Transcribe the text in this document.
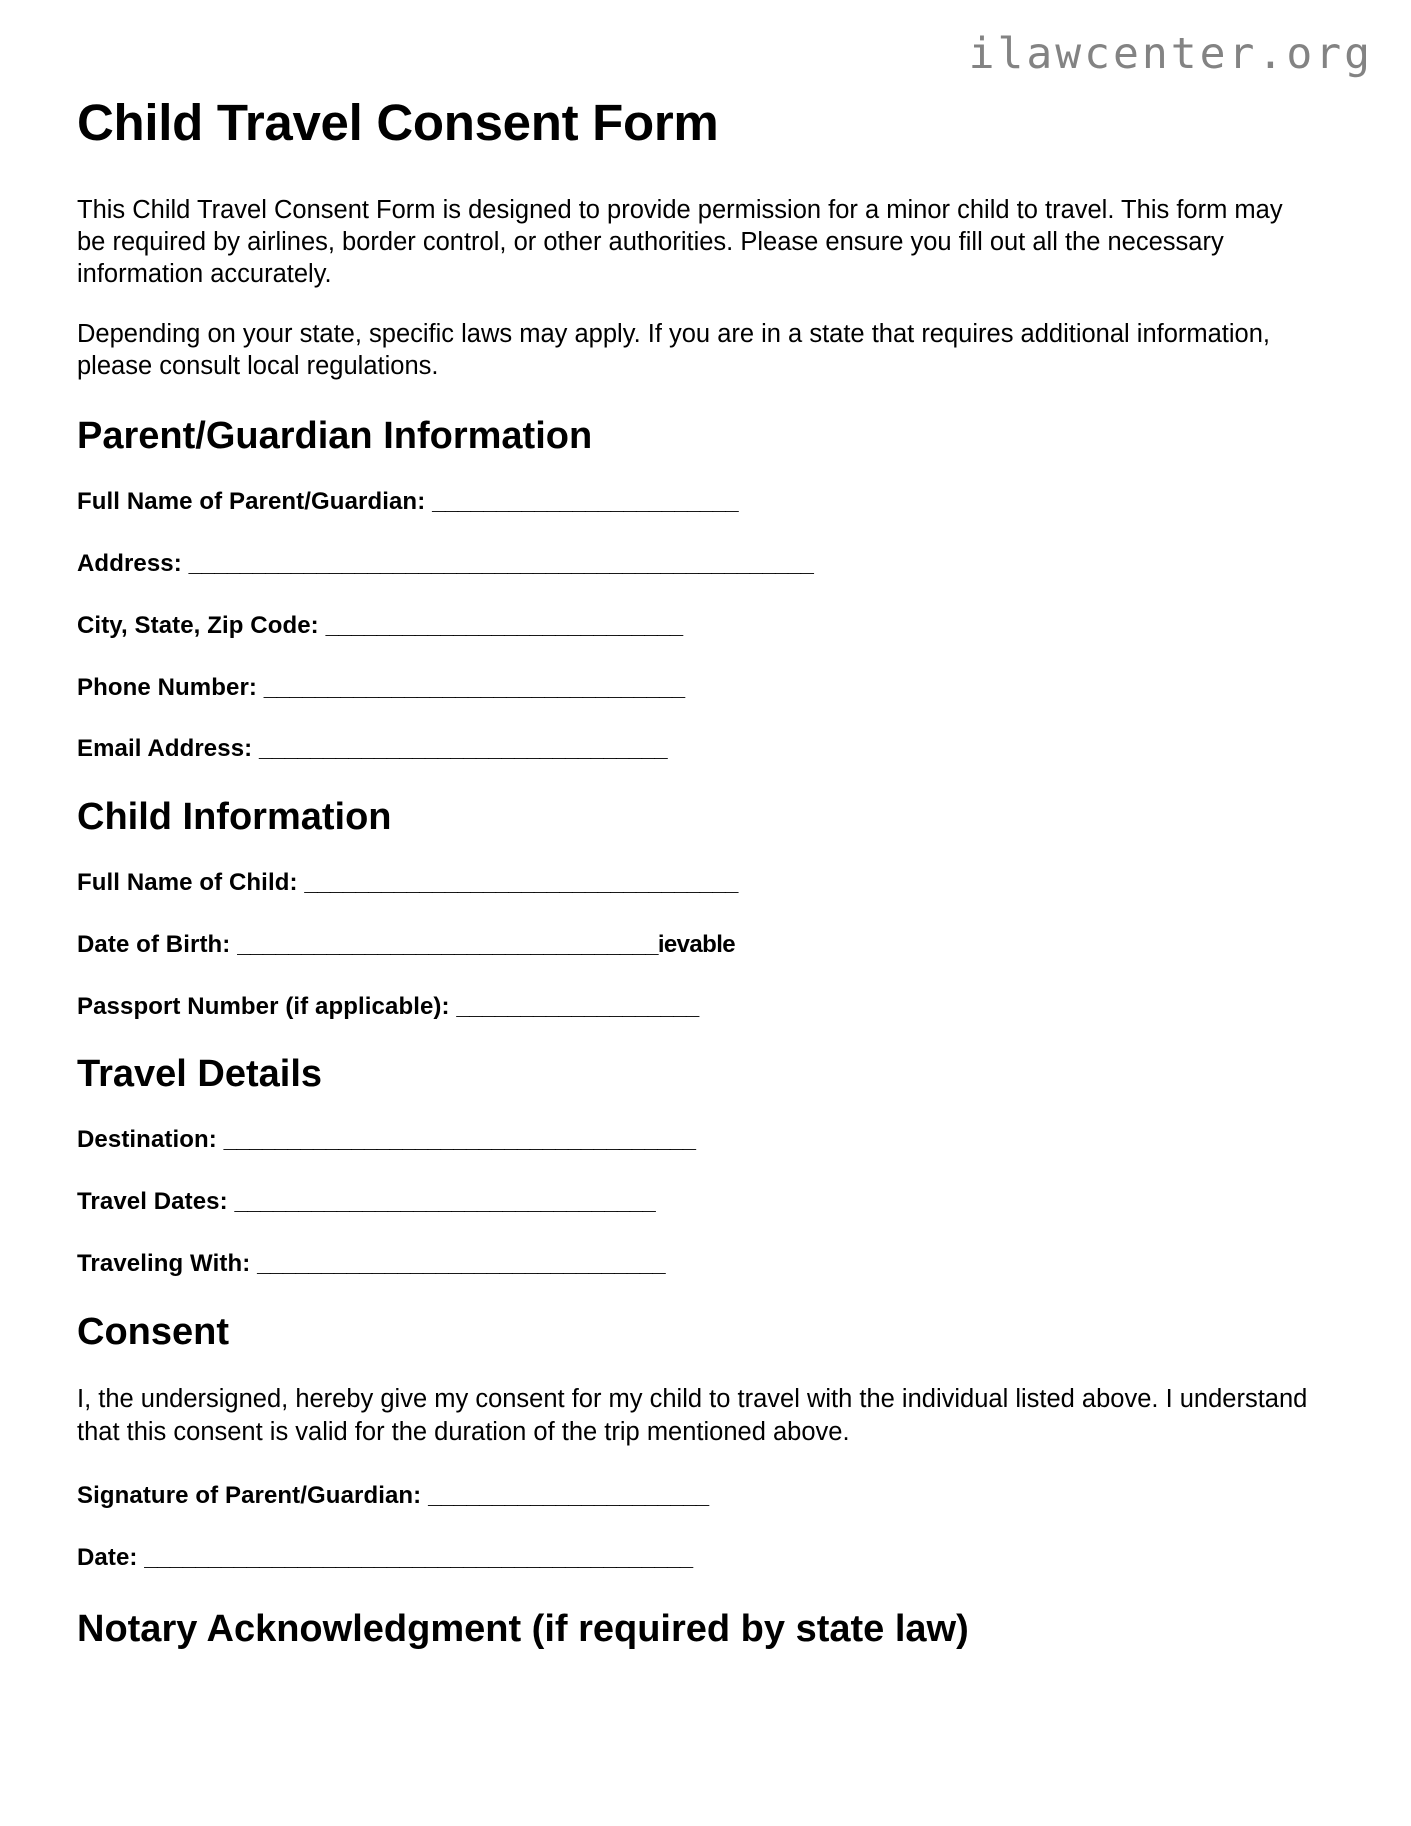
ilawcenter.org
Child Travel Consent Form

This Child Travel Consent Form is designed to provide permission for a minor child to travel. This form may be required by airlines, border control, or other authorities. Please ensure you fill out all the necessary information accurately.

Depending on your state, specific laws may apply. If you are in a state that requires additional information, please consult local regulations.

Parent/Guardian Information
Full Name of Parent/Guardian: ________________________
Address: _________________________________________________
City, State, Zip Code: ____________________________
Phone Number: _________________________________
Email Address: ________________________________
Child Information
Full Name of Child: __________________________________
Date of Birth: _________________________________ievable
Passport Number (if applicable): ___________________
Travel Details
Destination: _____________________________________
Travel Dates: _________________________________
Traveling With: ________________________________
Consent

I, the undersigned, hereby give my consent for my child to travel with the individual listed above. I understand that this consent is valid for the duration of the trip mentioned above.

Signature of Parent/Guardian: ______________________
Date: ___________________________________________
Notary Acknowledgment (if required by state law)
